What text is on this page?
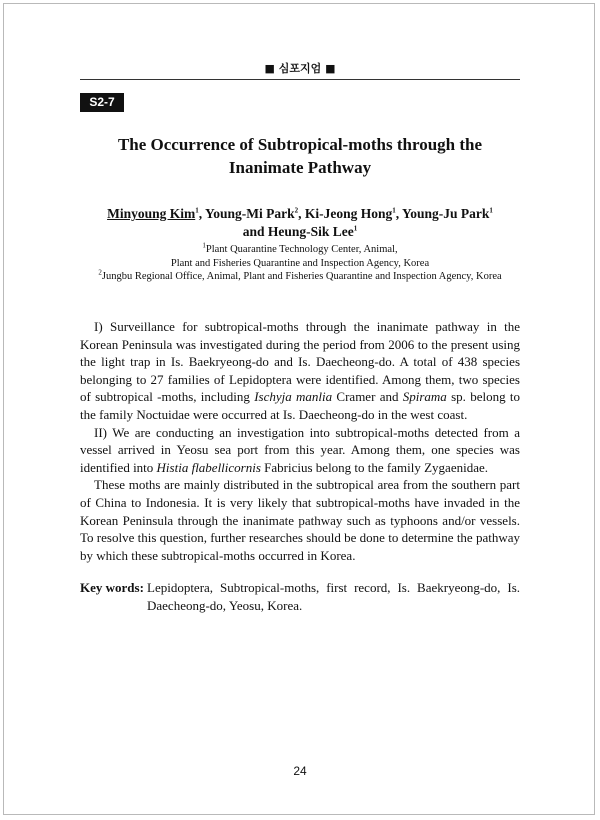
■ 심포지엄 ■
S2-7
The Occurrence of Subtropical-moths through the
Inanimate Pathway
Minyoung Kim$^1$, Young-Mi Park$^2$, Ki-Jeong Hong$^1$, Young-Ju Park$^1$
and Heung-Sik Lee$^1$
$^1$Plant Quarantine Technology Center, Animal,
Plant and Fisheries Quarantine and Inspection Agency, Korea
$^2$Jungbu Regional Office, Animal, Plant and Fisheries Quarantine and Inspection Agency, Korea

I) Surveillance for subtropical-moths through the inanimate pathway in the Korean Peninsula was investigated during the period from 2006 to the present using the light trap in Is. Baekryeong-do and Is. Daecheong-do. A total of 438 species belonging to 27 families of Lepidoptera were identified. Among them, two species of subtropical -moths, including Ischyja manlia Cramer and Spirama sp. belong to the family Noctuidae were occurred at Is. Daecheong-do in the west coast.

II) We are conducting an investigation into subtropical-moths detected from a vessel arrived in Yeosu sea port from this year. Among them, one species was identified into Histia flabellicornis Fabricius belong to the family Zygaenidae.

These moths are mainly distributed in the subtropical area from the southern part of China to Indonesia. It is very likely that subtropical-moths have invaded in the Korean Peninsula through the inanimate pathway such as typhoons and/or vessels. To resolve this question, further researches should be done to determine the pathway by which these subtropical-moths occurred in Korea.

Key words: Lepidoptera, Subtropical-moths, first record, Is. Baekryeong-do, Is. Daecheong-do, Yeosu, Korea.
24
